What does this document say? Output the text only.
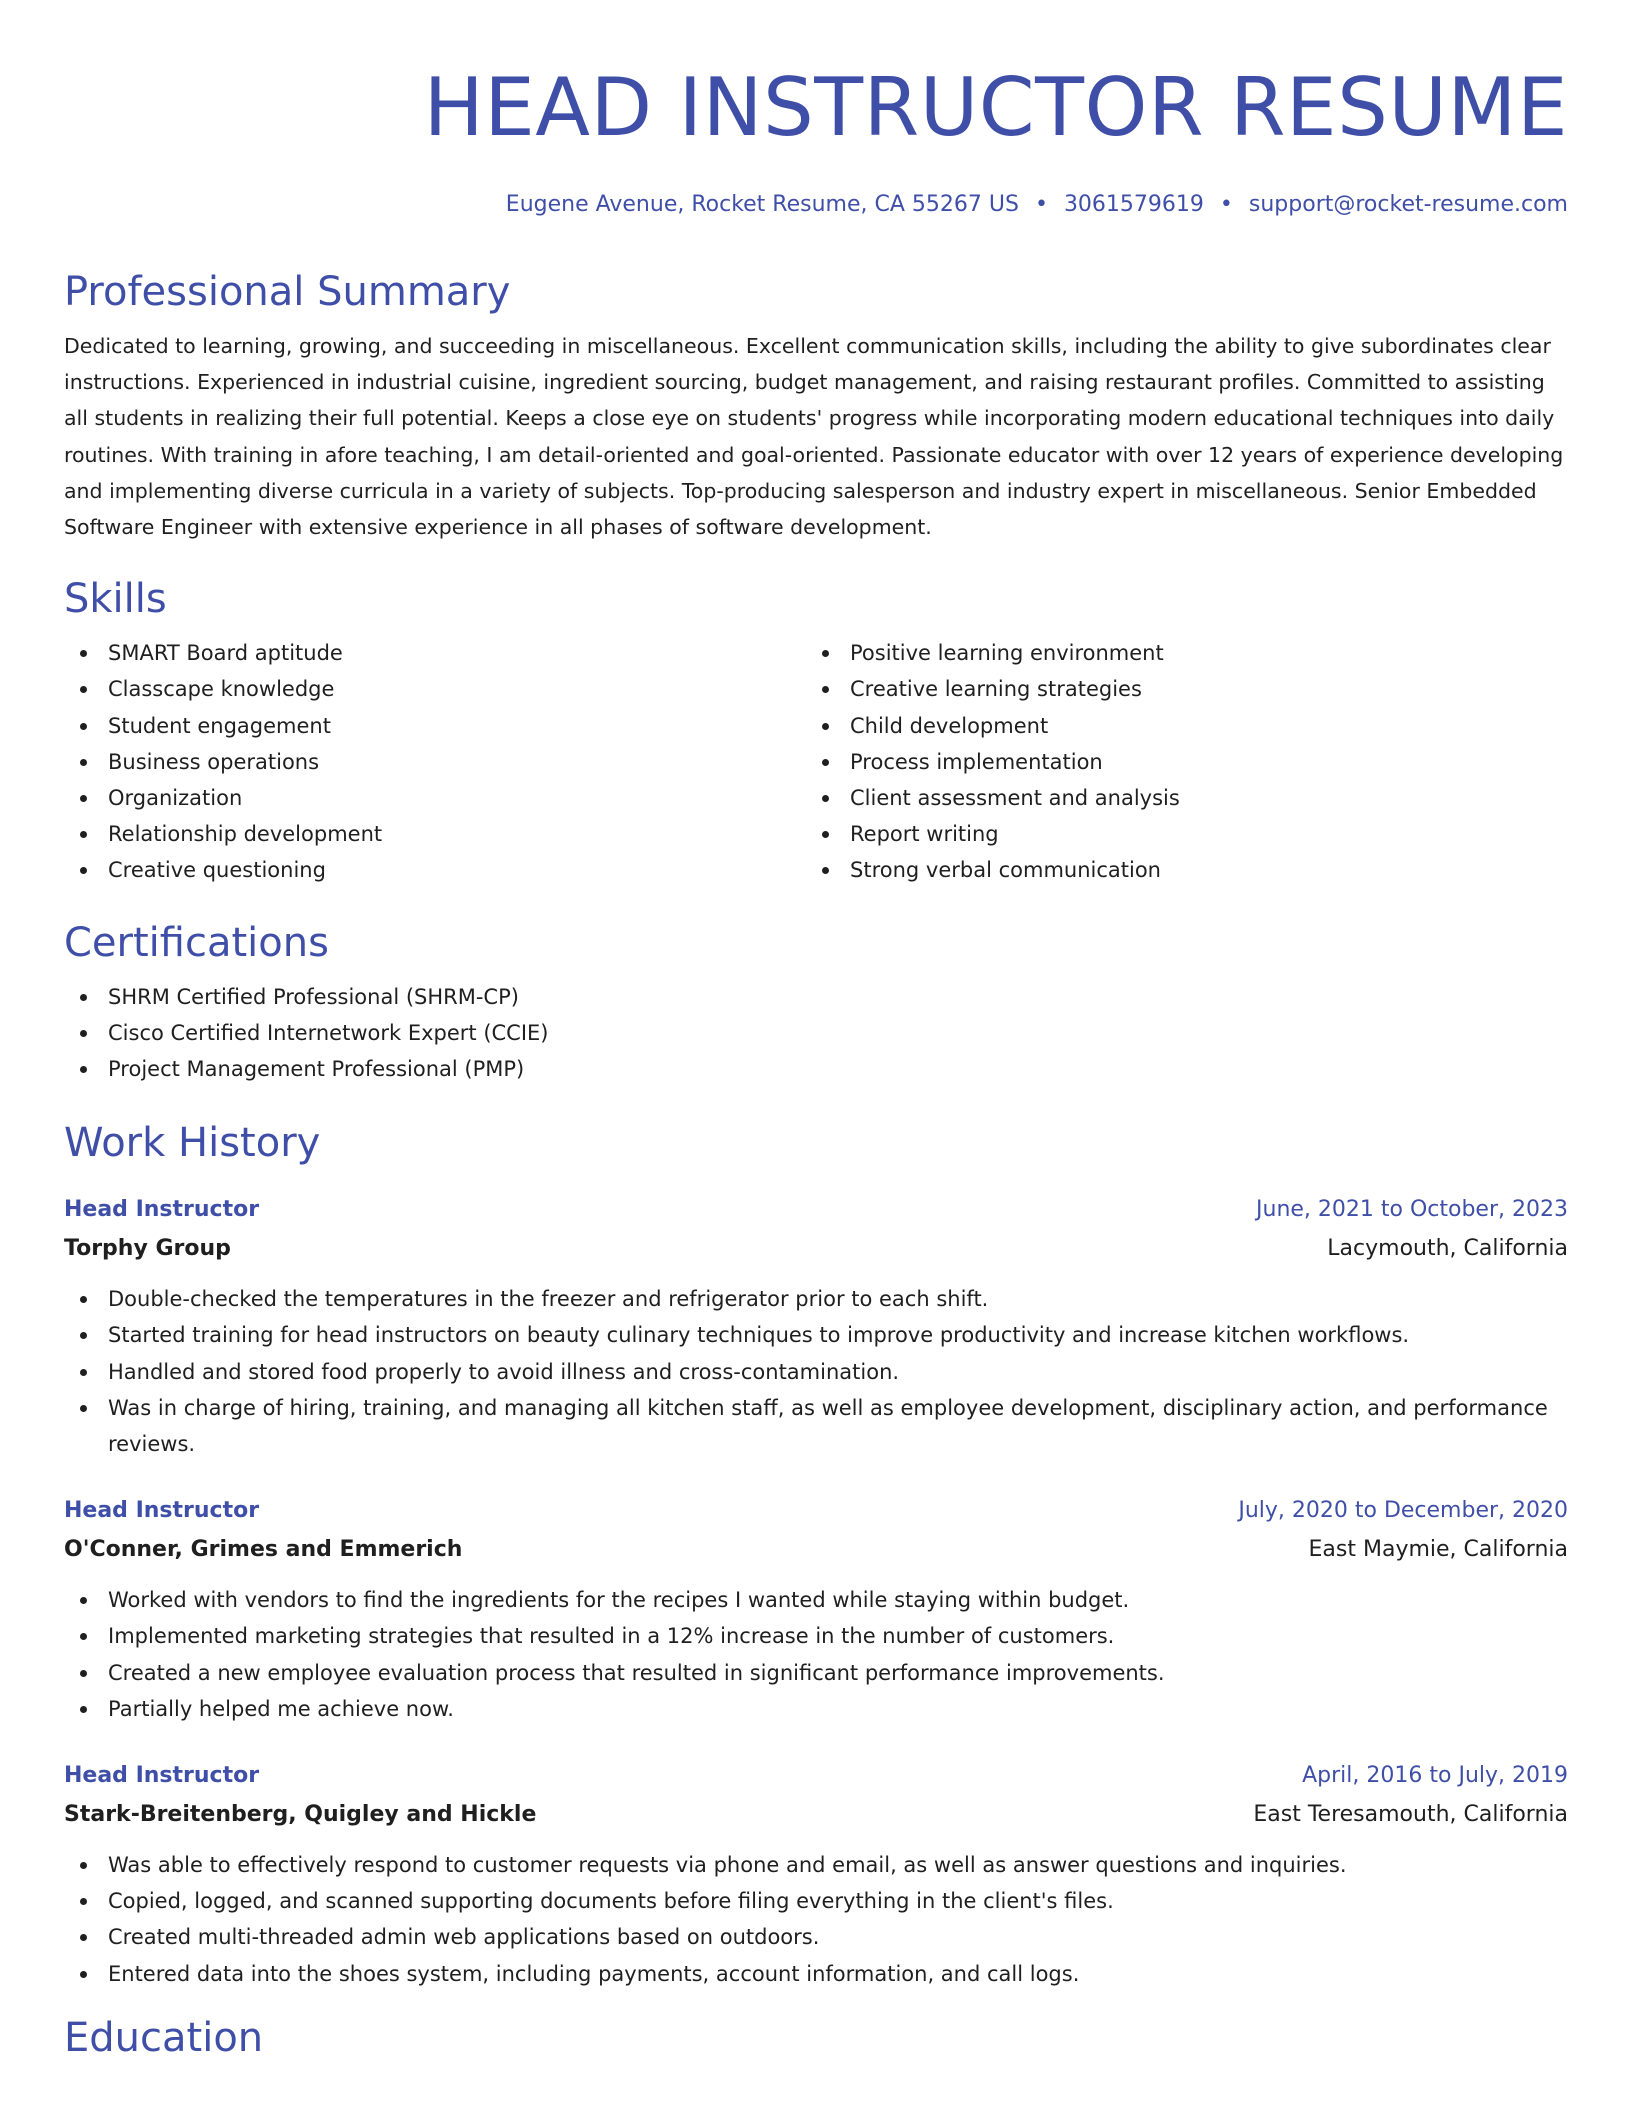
HEAD INSTRUCTOR RESUME
Eugene Avenue, Rocket Resume, CA 55267 US • 3061579619 • support@rocket-resume.com
Professional Summary

Dedicated to learning, growing, and succeeding in miscellaneous. Excellent communication skills, including the ability to give subordinates clear instructions. Experienced in industrial cuisine, ingredient sourcing, budget management, and raising restaurant profiles. Committed to assisting all students in realizing their full potential. Keeps a close eye on students' progress while incorporating modern educational techniques into daily routines. With training in afore teaching, I am detail-oriented and goal-oriented. Passionate educator with over 12 years of experience developing and implementing diverse curricula in a variety of subjects. Top-producing salesperson and industry expert in miscellaneous. Senior Embedded Software Engineer with extensive experience in all phases of software development.

Skills
SMART Board aptitude
Classcape knowledge
Student engagement
Business operations
Organization
Relationship development
Creative questioning
Positive learning environment
Creative learning strategies
Child development
Process implementation
Client assessment and analysis
Report writing
Strong verbal communication
Certifications
SHRM Certified Professional (SHRM-CP)
Cisco Certified Internetwork Expert (CCIE)
Project Management Professional (PMP)
Work History
Head Instructor	June, 2021 to October, 2023
Torphy Group	Lacymouth, California
Double-checked the temperatures in the freezer and refrigerator prior to each shift.
Started training for head instructors on beauty culinary techniques to improve productivity and increase kitchen workflows.
Handled and stored food properly to avoid illness and cross-contamination.
Was in charge of hiring, training, and managing all kitchen staff, as well as employee development, disciplinary action, and performance reviews.
Head Instructor	July, 2020 to December, 2020
O'Conner, Grimes and Emmerich	East Maymie, California
Worked with vendors to find the ingredients for the recipes I wanted while staying within budget.
Implemented marketing strategies that resulted in a 12% increase in the number of customers.
Created a new employee evaluation process that resulted in significant performance improvements.
Partially helped me achieve now.
Head Instructor	April, 2016 to July, 2019
Stark-Breitenberg, Quigley and Hickle	East Teresamouth, California
Was able to effectively respond to customer requests via phone and email, as well as answer questions and inquiries.
Copied, logged, and scanned supporting documents before filing everything in the client's files.
Created multi-threaded admin web applications based on outdoors.
Entered data into the shoes system, including payments, account information, and call logs.
Education
